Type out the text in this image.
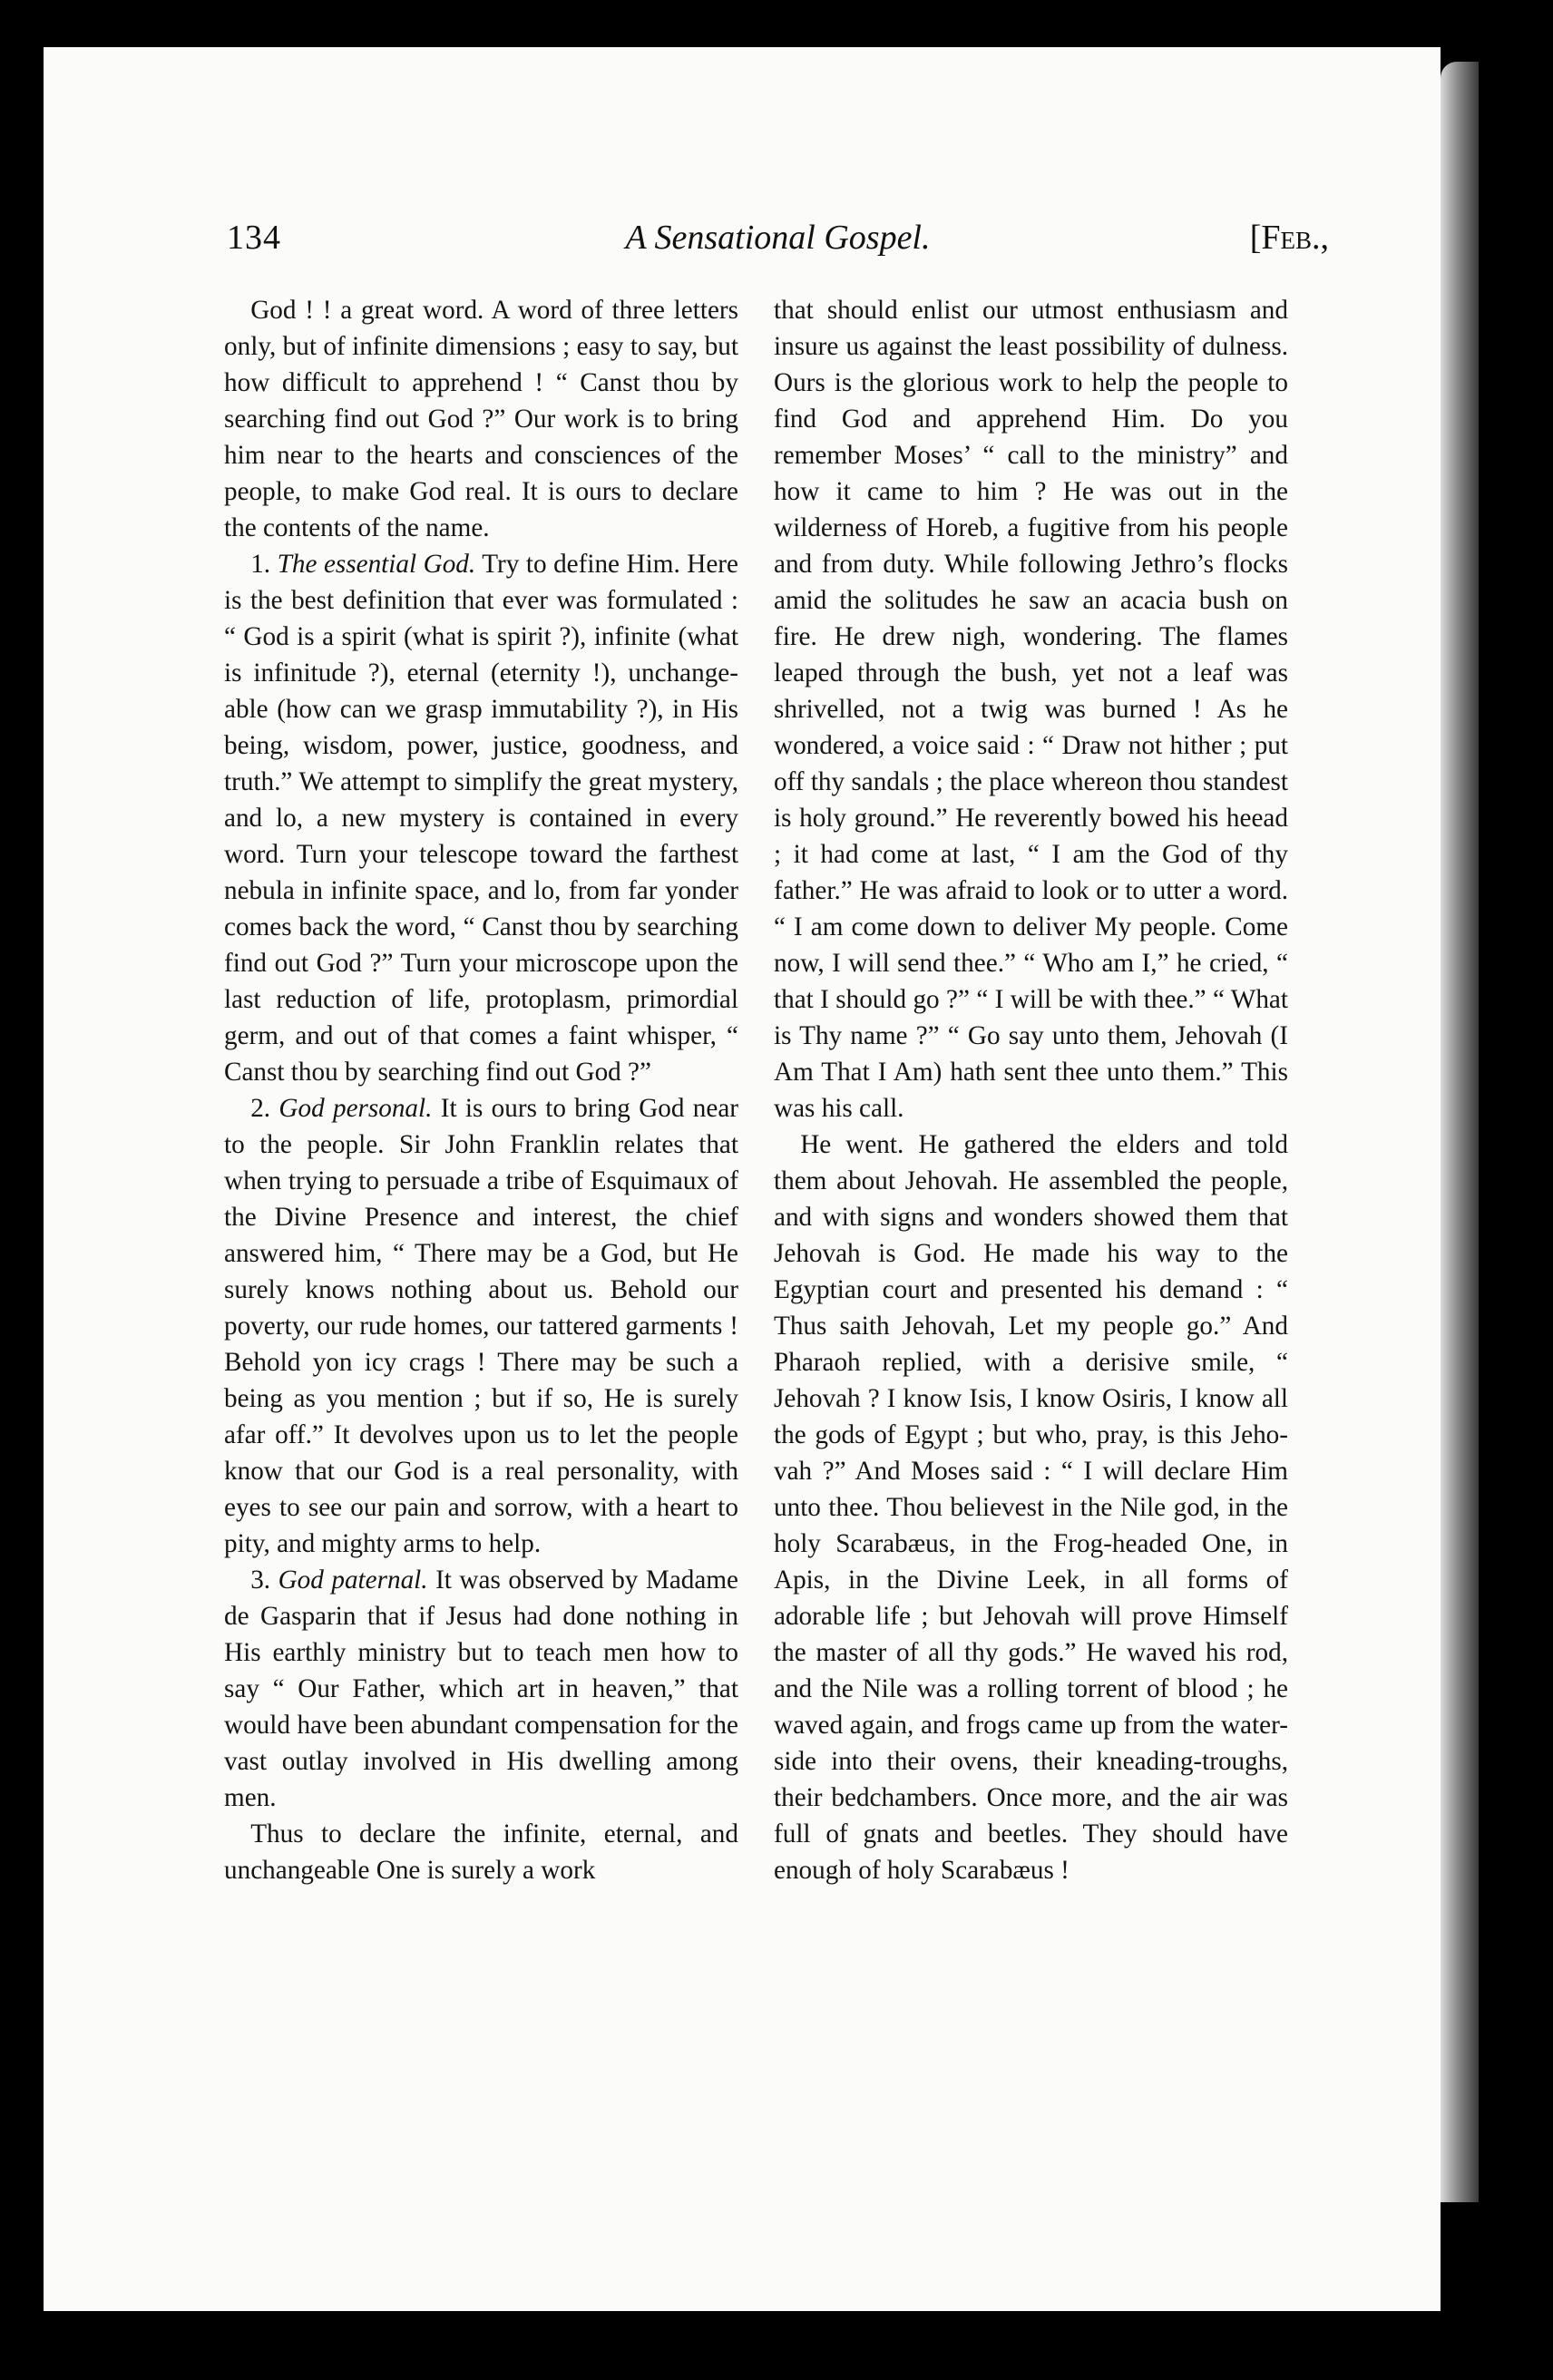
134	A Sensational Gospel.	[Feb.,

God ! ! a great word. A word of three letters only, but of infinite dimensions ; easy to say, but how difficult to apprehend ! “ Canst thou by searching find out God ?” Our work is to bring him near to the hearts and consciences of the people, to make God real. It is ours to declare the contents of the name.

1. The essential God. Try to define Him. Here is the best definition that ever was formulated : “ God is a spirit (what is spirit ?), infinite (what is infinitude ?), eternal (eternity !), unchangeable (how can we grasp immutability ?), in His being, wisdom, power, justice, goodness, and truth.” We attempt to simplify the great mystery, and lo, a new mystery is contained in every word. Turn your telescope toward the farthest nebula in infinite space, and lo, from far yonder comes back the word, “ Canst thou by searching find out God ?” Turn your microscope upon the last reduction of life, protoplasm, primordial germ, and out of that comes a faint whisper, “ Canst thou by searching find out God ?”

2. God personal. It is ours to bring God near to the people. Sir John Franklin relates that when trying to persuade a tribe of Esquimaux of the Divine Presence and interest, the chief answered him, “ There may be a God, but He surely knows nothing about us. Behold our poverty, our rude homes, our tattered garments ! Behold yon icy crags ! There may be such a being as you mention ; but if so, He is surely afar off.” It devolves upon us to let the people know that our God is a real personality, with eyes to see our pain and sorrow, with a heart to pity, and mighty arms to help.

3. God paternal. It was observed by Madame de Gasparin that if Jesus had done nothing in His earthly ministry but to teach men how to say “ Our Father, which art in heaven,” that would have been abundant compensation for the vast outlay involved in His dwelling among men.

Thus to declare the infinite, eternal, and unchangeable One is surely a work

that should enlist our utmost enthusiasm and insure us against the least possibility of dulness. Ours is the glorious work to help the people to find God and apprehend Him. Do you remember Moses’ “ call to the ministry” and how it came to him ? He was out in the wilderness of Horeb, a fugitive from his people and from duty. While following Jethro’s flocks amid the solitudes he saw an acacia bush on fire. He drew nigh, wondering. The flames leaped through the bush, yet not a leaf was shrivelled, not a twig was burned ! As he wondered, a voice said : “ Draw not hither ; put off thy sandals ; the place whereon thou standest is holy ground.” He reverently bowed his heead ; it had come at last, “ I am the God of thy father.” He was afraid to look or to utter a word. “ I am come down to deliver My people. Come now, I will send thee.” “ Who am I,” he cried, “ that I should go ?” “ I will be with thee.” “ What is Thy name ?” “ Go say unto them, Jehovah (I Am That I Am) hath sent thee unto them.” This was his call.

He went. He gathered the elders and told them about Jehovah. He assembled the people, and with signs and wonders showed them that Jehovah is God. He made his way to the Egyptian court and presented his demand : “ Thus saith Jehovah, Let my people go.” And Pharaoh replied, with a derisive smile, “ Jehovah ? I know Isis, I know Osiris, I know all the gods of Egypt ; but who, pray, is this Jehovah ?” And Moses said : “ I will declare Him unto thee. Thou believest in the Nile god, in the holy Scarabæus, in the Frog-headed One, in Apis, in the Divine Leek, in all forms of adorable life ; but Jehovah will prove Himself the master of all thy gods.” He waved his rod, and the Nile was a rolling torrent of blood ; he waved again, and frogs came up from the water-side into their ovens, their kneading-troughs, their bedchambers. Once more, and the air was full of gnats and beetles. They should have enough of holy Scarabæus !
